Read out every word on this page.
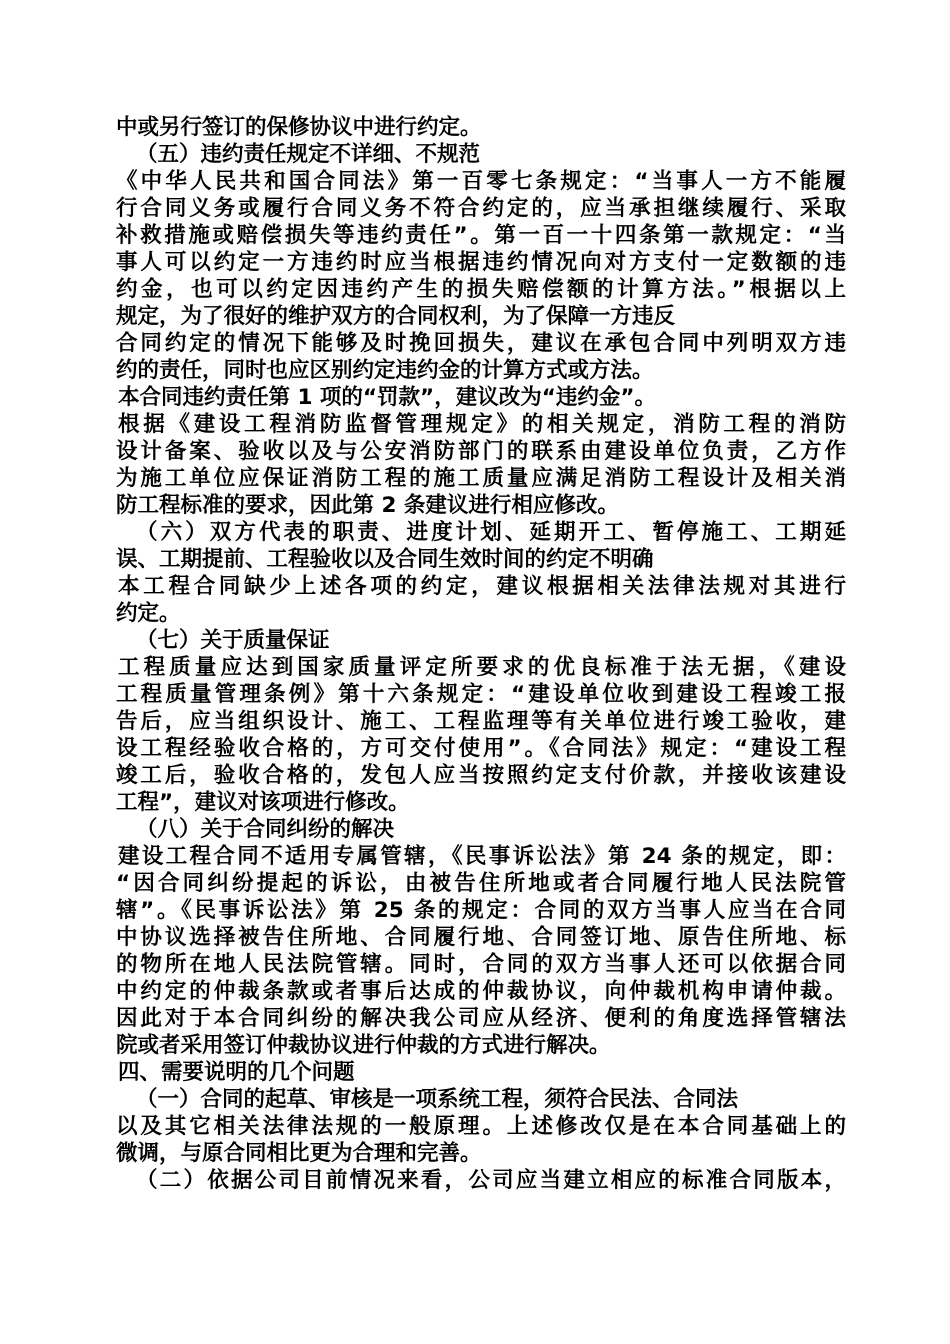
中或另行签订的保修协议中进行约定。
（五）违约责任规定不详细、不规范
《中华人民共和国合同法》第一百零七条规定：“当事人一方不能履
行合同义务或履行合同义务不符合约定的，应当承担继续履行、采取
补救措施或赔偿损失等违约责任”。第一百一十四条第一款规定：“当
事人可以约定一方违约时应当根据违约情况向对方支付一定数额的违
约金，也可以约定因违约产生的损失赔偿额的计算方法。”根据以上
规定，为了很好的维护双方的合同权利，为了保障一方违反
合同约定的情况下能够及时挽回损失，建议在承包合同中列明双方违
约的责任，同时也应区别约定违约金的计算方式或方法。
本合同违约责任第 1 项的“罚款”，建议改为“违约金”。
根据《建设工程消防监督管理规定》的相关规定，消防工程的消防
设计备案、验收以及与公安消防部门的联系由建设单位负责，乙方作
为施工单位应保证消防工程的施工质量应满足消防工程设计及相关消
防工程标准的要求，因此第 2 条建议进行相应修改。
（六）双方代表的职责、进度计划、延期开工、暂停施工、工期延
误、工期提前、工程验收以及合同生效时间的约定不明确
本工程合同缺少上述各项的约定，建议根据相关法律法规对其进行
约定。
（七）关于质量保证
工程质量应达到国家质量评定所要求的优良标准于法无据，《建设
工程质量管理条例》第十六条规定：“建设单位收到建设工程竣工报
告后，应当组织设计、施工、工程监理等有关单位进行竣工验收，建
设工程经验收合格的，方可交付使用”。《合同法》规定：“建设工程
竣工后，验收合格的，发包人应当按照约定支付价款，并接收该建设
工程”，建议对该项进行修改。
（八）关于合同纠纷的解决
建设工程合同不适用专属管辖，《民事诉讼法》第 24 条的规定，即：
“因合同纠纷提起的诉讼，由被告住所地或者合同履行地人民法院管
辖”。《民事诉讼法》第 25 条的规定：合同的双方当事人应当在合同
中协议选择被告住所地、合同履行地、合同签订地、原告住所地、标
的物所在地人民法院管辖。同时，合同的双方当事人还可以依据合同
中约定的仲裁条款或者事后达成的仲裁协议，向仲裁机构申请仲裁。
因此对于本合同纠纷的解决我公司应从经济、便利的角度选择管辖法
院或者采用签订仲裁协议进行仲裁的方式进行解决。
四、需要说明的几个问题
（一）合同的起草、审核是一项系统工程，须符合民法、合同法
以及其它相关法律法规的一般原理。上述修改仅是在本合同基础上的
微调，与原合同相比更为合理和完善。
（二）依据公司目前情况来看，公司应当建立相应的标准合同版本，
